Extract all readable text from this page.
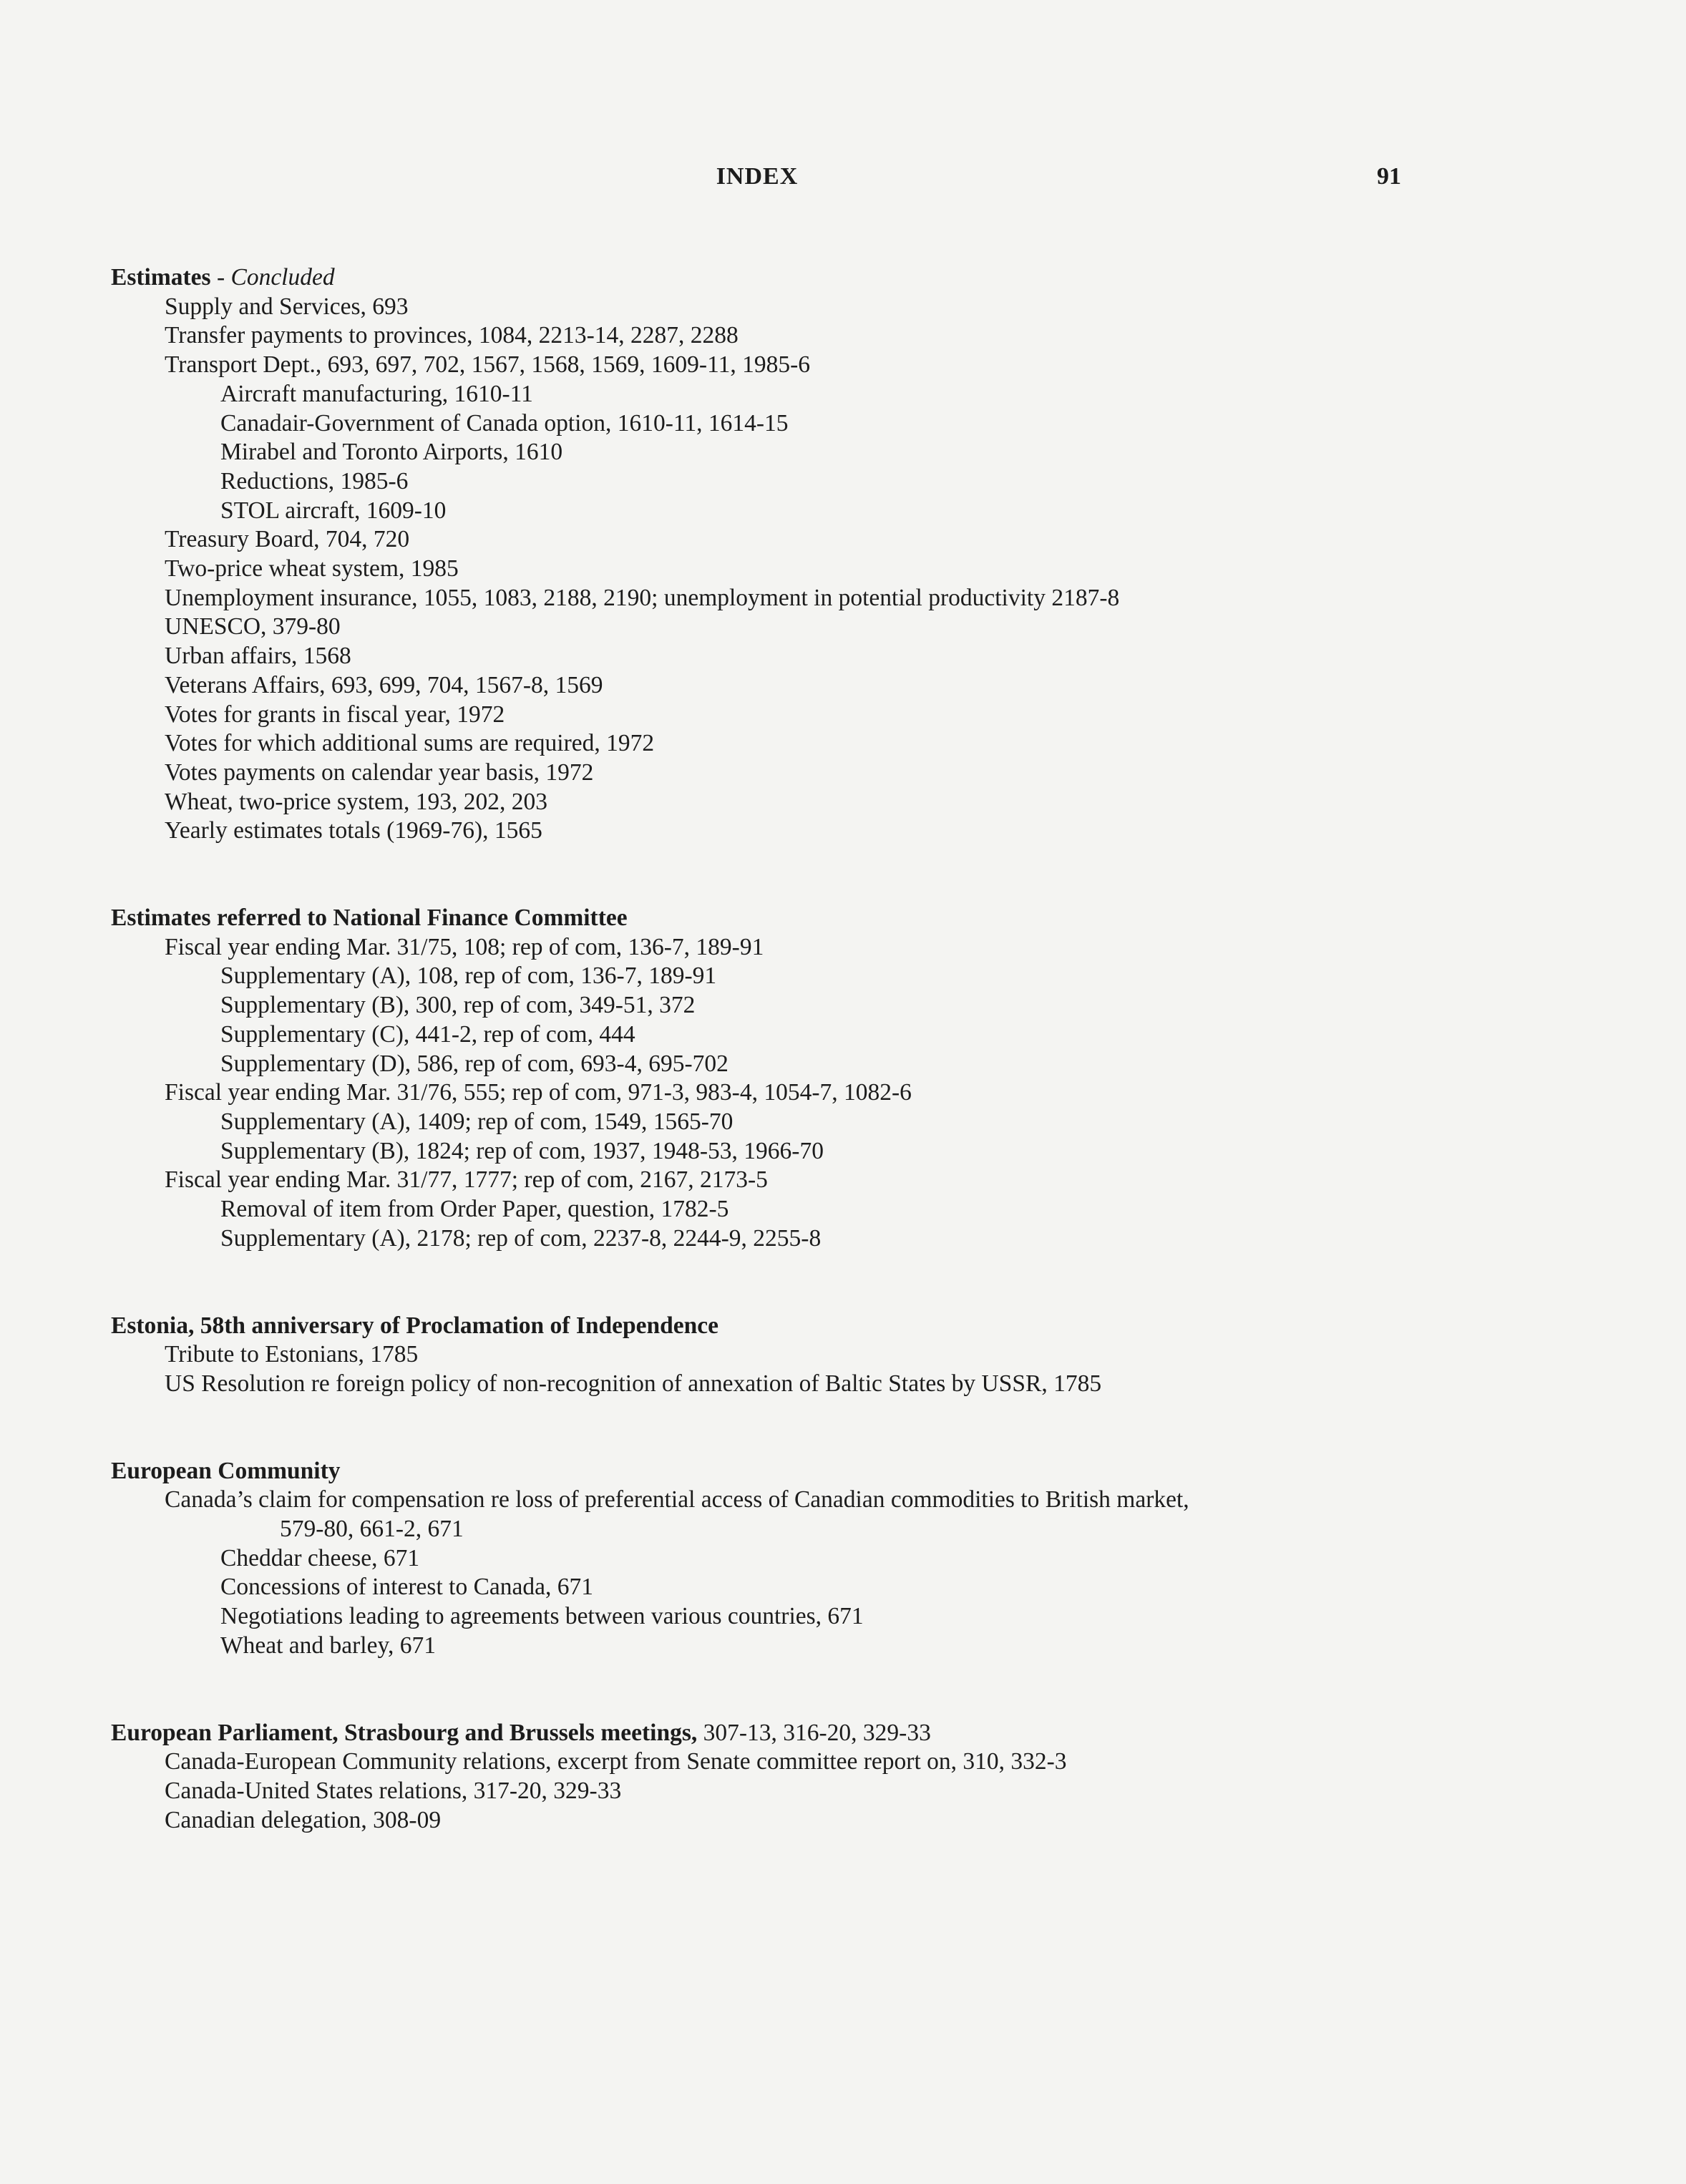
INDEX	91
Estimates - Concluded
Supply and Services, 693
Transfer payments to provinces, 1084, 2213-14, 2287, 2288
Transport Dept., 693, 697, 702, 1567, 1568, 1569, 1609-11, 1985-6
Aircraft manufacturing, 1610-11
Canadair-Government of Canada option, 1610-11, 1614-15
Mirabel and Toronto Airports, 1610
Reductions, 1985-6
STOL aircraft, 1609-10
Treasury Board, 704, 720
Two-price wheat system, 1985
Unemployment insurance, 1055, 1083, 2188, 2190; unemployment in potential productivity 2187-8
UNESCO, 379-80
Urban affairs, 1568
Veterans Affairs, 693, 699, 704, 1567-8, 1569
Votes for grants in fiscal year, 1972
Votes for which additional sums are required, 1972
Votes payments on calendar year basis, 1972
Wheat, two-price system, 193, 202, 203
Yearly estimates totals (1969-76), 1565
Estimates referred to National Finance Committee
Fiscal year ending Mar. 31/75, 108; rep of com, 136-7, 189-91
Supplementary (A), 108, rep of com, 136-7, 189-91
Supplementary (B), 300, rep of com, 349-51, 372
Supplementary (C), 441-2, rep of com, 444
Supplementary (D), 586, rep of com, 693-4, 695-702
Fiscal year ending Mar. 31/76, 555; rep of com, 971-3, 983-4, 1054-7, 1082-6
Supplementary (A), 1409; rep of com, 1549, 1565-70
Supplementary (B), 1824; rep of com, 1937, 1948-53, 1966-70
Fiscal year ending Mar. 31/77, 1777; rep of com, 2167, 2173-5
Removal of item from Order Paper, question, 1782-5
Supplementary (A), 2178; rep of com, 2237-8, 2244-9, 2255-8
Estonia, 58th anniversary of Proclamation of Independence
Tribute to Estonians, 1785
US Resolution re foreign policy of non-recognition of annexation of Baltic States by USSR, 1785
European Community
Canada’s claim for compensation re loss of preferential access of Canadian commodities to British market,
579-80, 661-2, 671
Cheddar cheese, 671
Concessions of interest to Canada, 671
Negotiations leading to agreements between various countries, 671
Wheat and barley, 671
European Parliament, Strasbourg and Brussels meetings, 307-13, 316-20, 329-33
Canada-European Community relations, excerpt from Senate committee report on, 310, 332-3
Canada-United States relations, 317-20, 329-33
Canadian delegation, 308-09
